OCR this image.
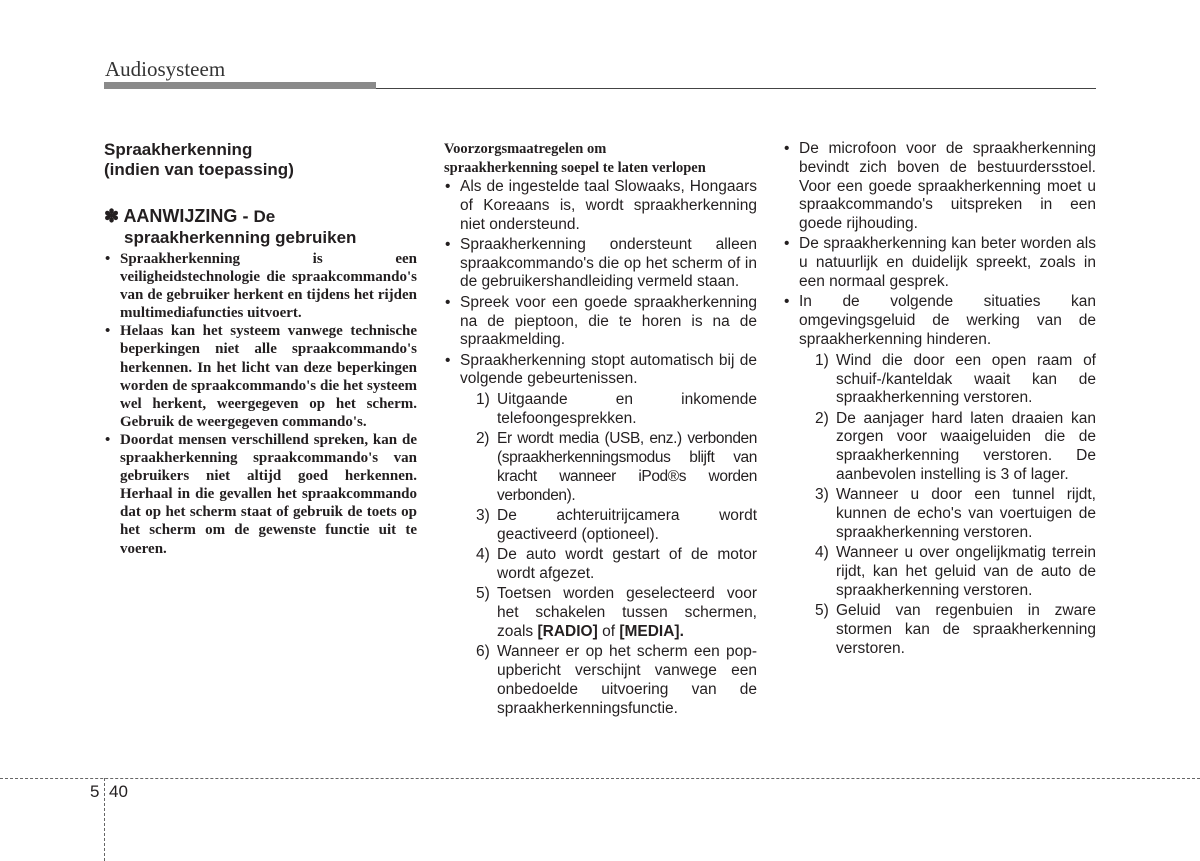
Audiosysteem
Spraakherkenning
(indien van toepassing)
✽ AANWIJZING - De
spraakherkenning gebruiken
• Spraakherkenning is een veiligheidstechnologie die spraakcommando's van de gebruiker herkent en tijdens het rijden multimediafuncties uitvoert.
• Helaas kan het systeem vanwege technische beperkingen niet alle spraakcommando's herkennen. In het licht van deze beperkingen worden de spraakcommando's die het systeem wel herkent, weergegeven op het scherm. Gebruik de weergegeven commando's.
• Doordat mensen verschillend spreken, kan de spraakherkenning spraakcommando's van gebruikers niet altijd goed herkennen. Herhaal in die gevallen het spraakcommando dat op het scherm staat of gebruik de toets op het scherm om de gewenste functie uit te voeren.
Voorzorgsmaatregelen om
spraakherkenning soepel te laten verlopen
• Als de ingestelde taal Slowaaks, Hongaars of Koreaans is, wordt spraakherkenning niet ondersteund.
• Spraakherkenning ondersteunt alleen spraakcommando's die op het scherm of in de gebruikershandleiding vermeld staan.
• Spreek voor een goede spraakherkenning na de pieptoon, die te horen is na de spraakmelding.
• Spraakherkenning stopt automatisch bij de volgende gebeurtenissen.
1) Uitgaande en inkomende telefoongesprekken.
2) Er wordt media (USB, enz.) verbonden (spraakherkenningsmodus blijft van kracht wanneer iPod®s worden verbonden).
3) De achteruitrijcamera wordt geactiveerd (optioneel).
4) De auto wordt gestart of de motor wordt afgezet.
5) Toetsen worden geselecteerd voor het schakelen tussen schermen, zoals [RADIO] of [MEDIA].
6) Wanneer er op het scherm een pop-upbericht verschijnt vanwege een onbedoelde uitvoering van de spraakherkenningsfunctie.
• De microfoon voor de spraakherkenning bevindt zich boven de bestuurdersstoel. Voor een goede spraakherkenning moet u spraakcommando's uitspreken in een goede rijhouding.
• De spraakherkenning kan beter worden als u natuurlijk en duidelijk spreekt, zoals in een normaal gesprek.
• In de volgende situaties kan omgevingsgeluid de werking van de spraakherkenning hinderen.
1) Wind die door een open raam of schuif-/kanteldak waait kan de spraakherkenning verstoren.
2) De aanjager hard laten draaien kan zorgen voor waaigeluiden die de spraakherkenning verstoren. De aanbevolen instelling is 3 of lager.
3) Wanneer u door een tunnel rijdt, kunnen de echo's van voertuigen de spraakherkenning verstoren.
4) Wanneer u over ongelijkmatig terrein rijdt, kan het geluid van de auto de spraakherkenning verstoren.
5) Geluid van regenbuien in zware stormen kan de spraakherkenning verstoren.
5 40
